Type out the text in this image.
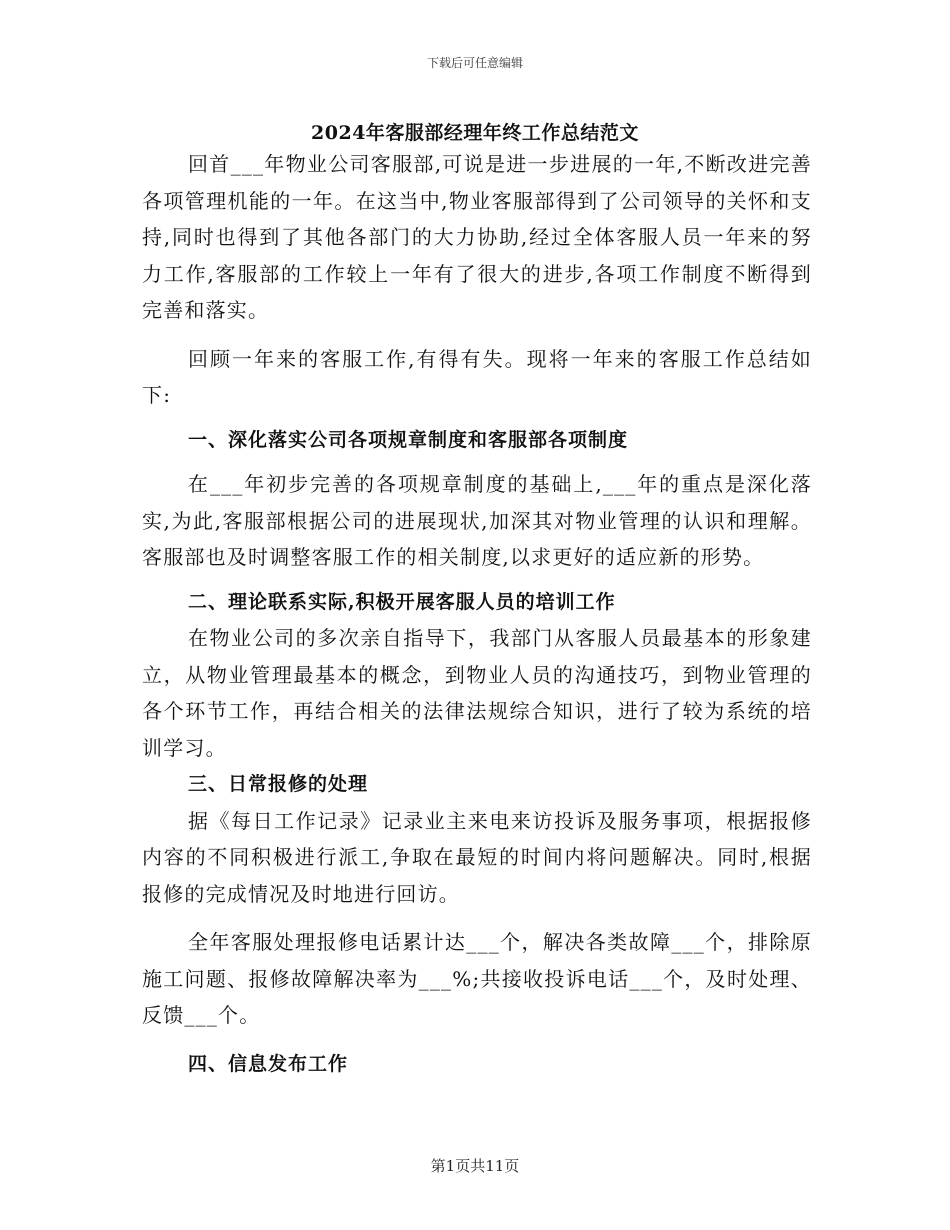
下载后可任意编辑
2024年客服部经理年终工作总结范文

回首___年物业公司客服部,可说是进一步进展的一年,不断改进完善各项管理机能的一年。在这当中,物业客服部得到了公司领导的关怀和支持,同时也得到了其他各部门的大力协助,经过全体客服人员一年来的努力工作,客服部的工作较上一年有了很大的进步,各项工作制度不断得到完善和落实。

回顾一年来的客服工作,有得有失。现将一年来的客服工作总结如下:

一、深化落实公司各项规章制度和客服部各项制度

在___年初步完善的各项规章制度的基础上,___年的重点是深化落实,为此,客服部根据公司的进展现状,加深其对物业管理的认识和理解。客服部也及时调整客服工作的相关制度,以求更好的适应新的形势。

二、理论联系实际,积极开展客服人员的培训工作

在物业公司的多次亲自指导下，我部门从客服人员最基本的形象建立，从物业管理最基本的概念，到物业人员的沟通技巧，到物业管理的各个环节工作，再结合相关的法律法规综合知识，进行了较为系统的培训学习。

三、日常报修的处理

据《每日工作记录》记录业主来电来访投诉及服务事项，根据报修内容的不同积极进行派工,争取在最短的时间内将问题解决。同时,根据报修的完成情况及时地进行回访。

全年客服处理报修电话累计达___个，解决各类故障___个，排除原施工问题、报修故障解决率为___%;共接收投诉电话___个，及时处理、反馈___个。

四、信息发布工作

第1页共11页
